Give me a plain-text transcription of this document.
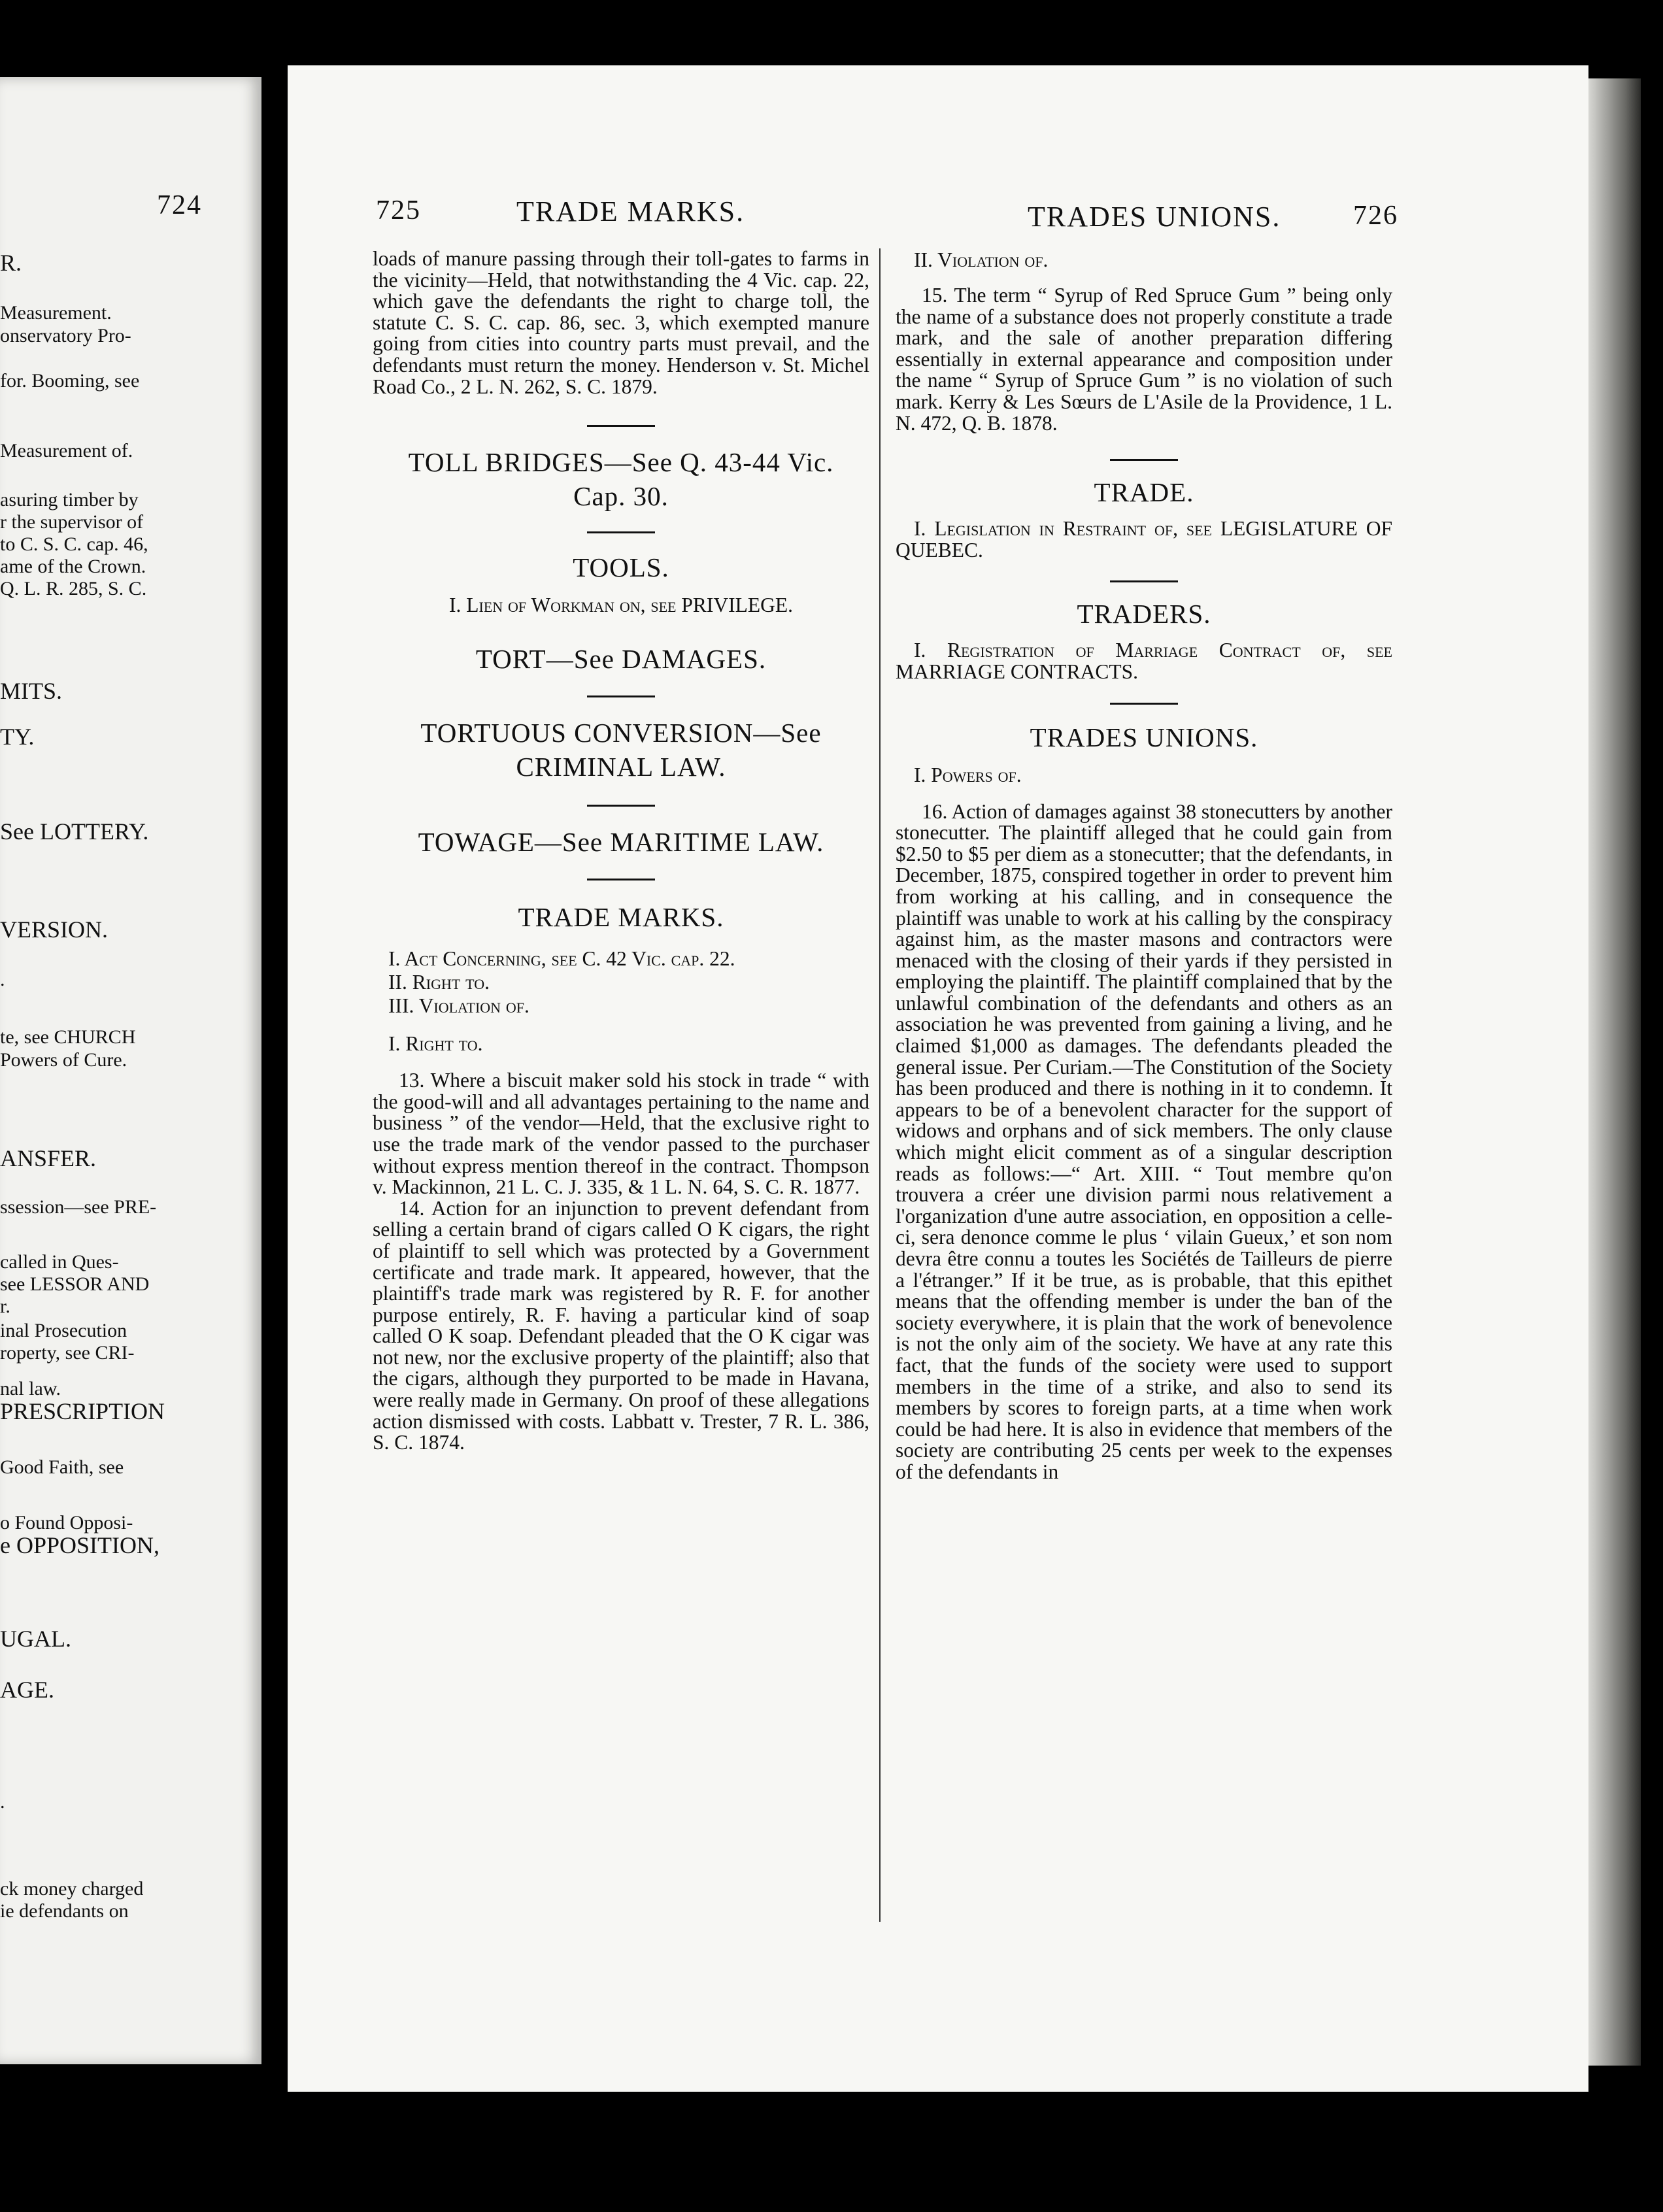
724
R.
Measurement.
onservatory Pro-
for. Booming, see
Measurement of.
asuring timber by
r the supervisor of
to C. S. C. cap. 46,
ame of the Crown.
Q. L. R. 285, S. C.
MITS.
TY.
See LOTTERY.
VERSION.
.
te, see CHURCH
Powers of Cure.
ANSFER.
ssession—see PRE-
called in Ques-
see LESSOR AND
r.
inal Prosecution
roperty, see CRI-
nal law.
PRESCRIPTION
Good Faith, see
o Found Opposi-
e OPPOSITION,
UGAL.
AGE.
.
ck money charged
ie defendants on
725	TRADE MARKS.	TRADES UNIONS.	726

loads of manure passing through their toll-gates to farms in the vicinity—Held, that notwithstanding the 4 Vic. cap. 22, which gave the defendants the right to charge toll, the statute C. S. C. cap. 86, sec. 3, which exempted manure going from cities into country parts must prevail, and the defendants must return the money. Henderson v. St. Michel Road Co., 2 L. N. 262, S. C. 1879.

TOLL BRIDGES—See Q. 43-44 Vic.

Cap. 30.

TOOLS.

I. Lien of Workman on, see PRIVILEGE.

TORT—See DAMAGES.

TORTUOUS CONVERSION—See

CRIMINAL LAW.

TOWAGE—See MARITIME LAW.

TRADE MARKS.

I. Act Concerning, see C. 42 Vic. cap. 22.

II. Right to.

III. Violation of.

I. Right to.

13. Where a biscuit maker sold his stock in trade “ with the good-will and all advantages pertaining to the name and business ” of the vendor—Held, that the exclusive right to use the trade mark of the vendor passed to the purchaser without express mention thereof in the contract. Thompson v. Mackinnon, 21 L. C. J. 335, & 1 L. N. 64, S. C. R. 1877.

14. Action for an injunction to prevent defendant from selling a certain brand of cigars called O K cigars, the right of plaintiff to sell which was protected by a Government certificate and trade mark. It appeared, however, that the plaintiff's trade mark was registered by R. F. for another purpose entirely, R. F. having a particular kind of soap called O K soap. Defendant pleaded that the O K cigar was not new, nor the exclusive property of the plaintiff; also that the cigars, although they purported to be made in Havana, were really made in Germany. On proof of these allegations action dismissed with costs. Labbatt v. Trester, 7 R. L. 386, S. C. 1874.

II. Violation of.

15. The term “ Syrup of Red Spruce Gum ” being only the name of a substance does not properly constitute a trade mark, and the sale of another preparation differing essentially in external appearance and composition under the name “ Syrup of Spruce Gum ” is no violation of such mark. Kerry & Les Sœurs de L'Asile de la Providence, 1 L. N. 472, Q. B. 1878.

TRADE.

I. Legislation in Restraint of, see LEGISLATURE OF QUEBEC.

TRADERS.

I. Registration of Marriage Contract of, see MARRIAGE CONTRACTS.

TRADES UNIONS.

I. Powers of.

16. Action of damages against 38 stonecutters by another stonecutter. The plaintiff alleged that he could gain from $2.50 to $5 per diem as a stonecutter; that the defendants, in December, 1875, conspired together in order to prevent him from working at his calling, and in consequence the plaintiff was unable to work at his calling by the conspiracy against him, as the master masons and contractors were menaced with the closing of their yards if they persisted in employing the plaintiff. The plaintiff complained that by the unlawful combination of the defendants and others as an association he was prevented from gaining a living, and he claimed $1,000 as damages. The defendants pleaded the general issue. Per Curiam.—The Constitution of the Society has been produced and there is nothing in it to condemn. It appears to be of a benevolent character for the support of widows and orphans and of sick members. The only clause which might elicit comment as of a singular description reads as follows:—“ Art. XIII. “ Tout membre qu'on trouvera a créer une division parmi nous relativement a l'organization d'une autre association, en opposition a celle-ci, sera denonce comme le plus ‘ vilain Gueux,’ et son nom devra être connu a toutes les Sociétés de Tailleurs de pierre a l'étranger.” If it be true, as is probable, that this epithet means that the offending member is under the ban of the society everywhere, it is plain that the work of benevolence is not the only aim of the society. We have at any rate this fact, that the funds of the society were used to support members in the time of a strike, and also to send its members by scores to foreign parts, at a time when work could be had here. It is also in evidence that members of the society are contributing 25 cents per week to the expenses of the defendants in
